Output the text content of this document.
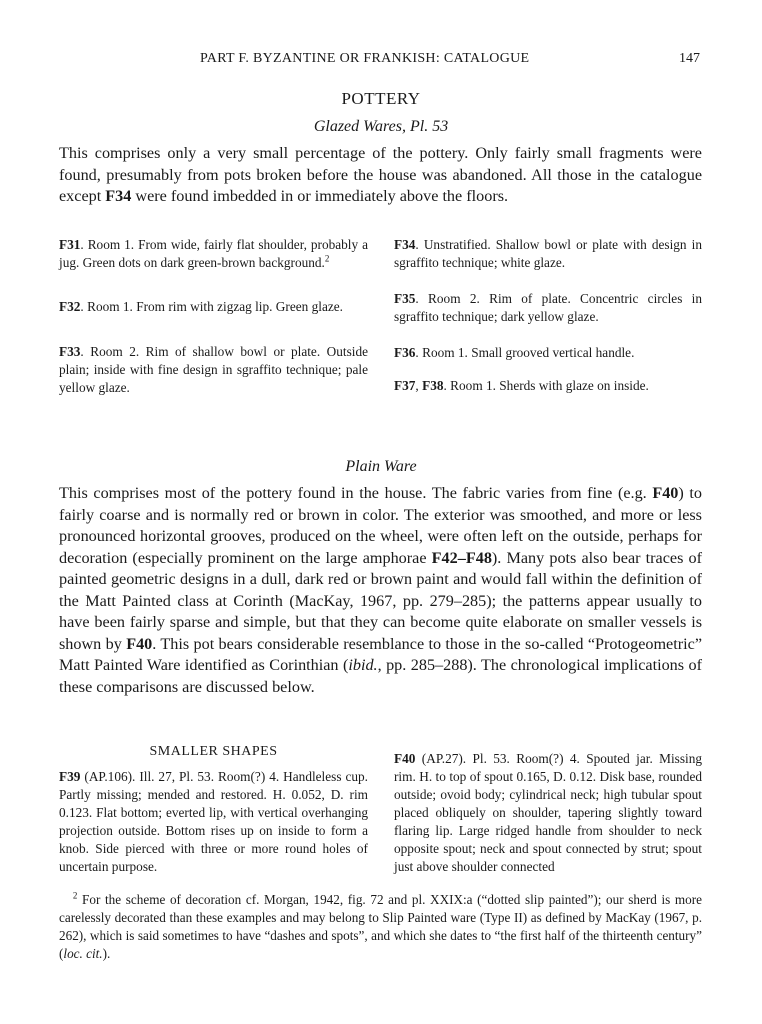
PART F. BYZANTINE OR FRANKISH: CATALOGUE	147
POTTERY
Glazed Wares, Pl. 53

This comprises only a very small percentage of the pottery. Only fairly small fragments were found, presumably from pots broken before the house was abandoned. All those in the catalogue except F34 were found imbedded in or immediately above the floors.

F31. Room 1. From wide, fairly flat shoulder, probably a jug. Green dots on dark green-brown background.$^2$

F32. Room 1. From rim with zigzag lip. Green glaze.

F33. Room 2. Rim of shallow bowl or plate. Outside plain; inside with fine design in sgraffito technique; pale yellow glaze.

F34. Unstratified. Shallow bowl or plate with design in sgraffito technique; white glaze.

F35. Room 2. Rim of plate. Concentric circles in sgraffito technique; dark yellow glaze.

F36. Room 1. Small grooved vertical handle.

F37, F38. Room 1. Sherds with glaze on inside.

Plain Ware

This comprises most of the pottery found in the house. The fabric varies from fine (e.g. F40) to fairly coarse and is normally red or brown in color. The exterior was smoothed, and more or less pronounced horizontal grooves, produced on the wheel, were often left on the outside, perhaps for decoration (especially prominent on the large amphorae F42–F48). Many pots also bear traces of painted geometric designs in a dull, dark red or brown paint and would fall within the definition of the Matt Painted class at Corinth (MacKay, 1967, pp. 279–285); the patterns appear usually to have been fairly sparse and simple, but that they can become quite elaborate on smaller vessels is shown by F40. This pot bears considerable resemblance to those in the so-called “Protogeometric” Matt Painted Ware identified as Corinthian (ibid., pp. 285–288). The chronological implications of these comparisons are discussed below.

SMALLER SHAPES

F39 (AP.106). Ill. 27, Pl. 53. Room(?) 4. Handleless cup. Partly missing; mended and restored. H. 0.052, D. rim 0.123. Flat bottom; everted lip, with vertical overhanging projection outside. Bottom rises up on inside to form a knob. Side pierced with three or more round holes of uncertain purpose.

F40 (AP.27). Pl. 53. Room(?) 4. Spouted jar. Missing rim. H. to top of spout 0.165, D. 0.12. Disk base, rounded outside; ovoid body; cylindrical neck; high tubular spout placed obliquely on shoulder, tapering slightly toward flaring lip. Large ridged handle from shoulder to neck opposite spout; neck and spout connected by strut; spout just above shoulder connected

$^2$ For the scheme of decoration cf. Morgan, 1942, fig. 72 and pl. XXIX:a (“dotted slip painted”); our sherd is more carelessly decorated than these examples and may belong to Slip Painted ware (Type II) as defined by MacKay (1967, p. 262), which is said sometimes to have “dashes and spots”, and which she dates to “the first half of the thirteenth century” (loc. cit.).
